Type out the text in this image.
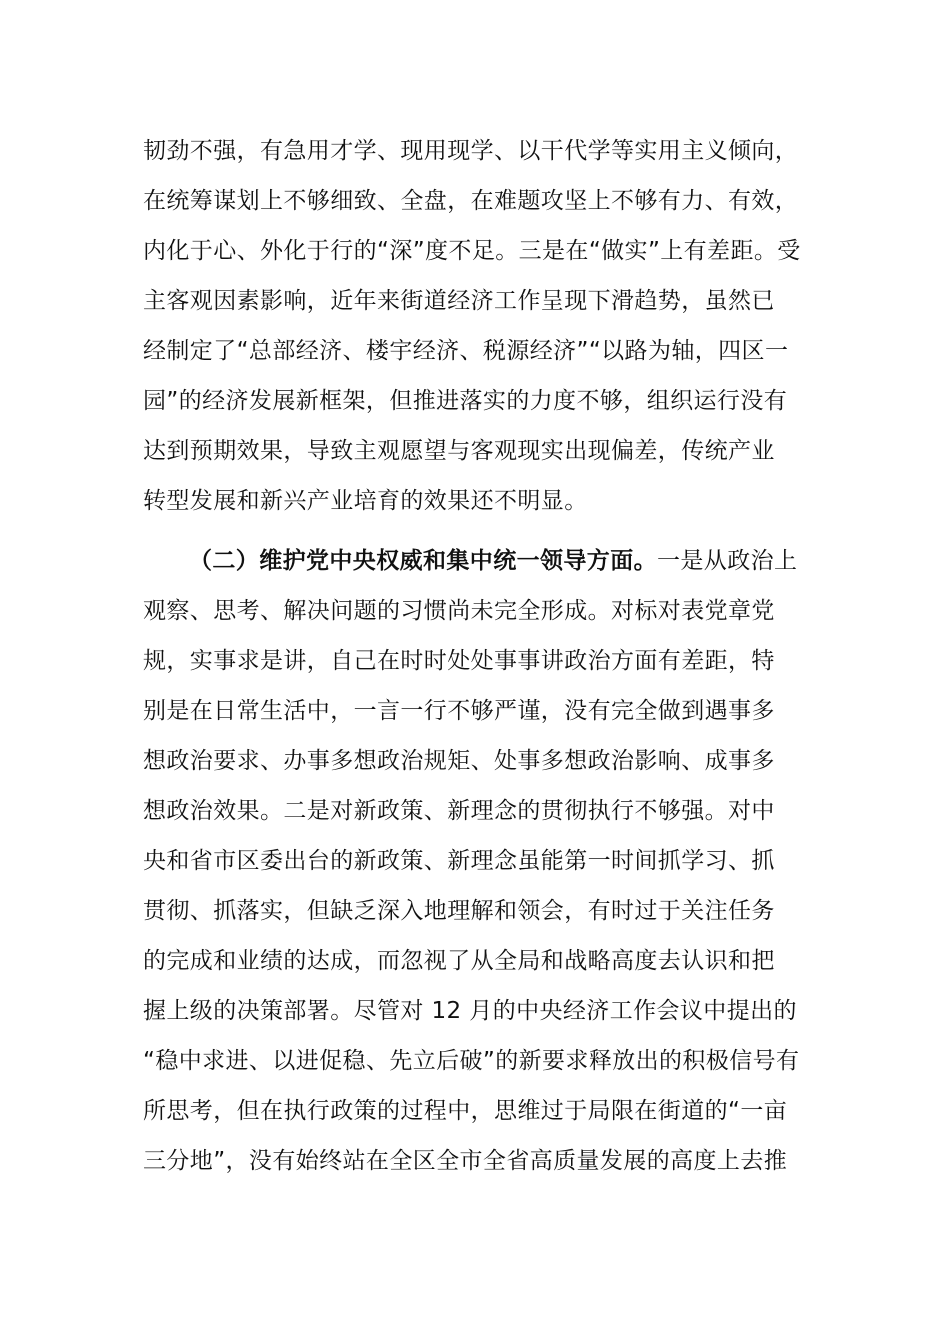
韧劲不强，有急用才学、现用现学、以干代学等实用主义倾向，
在统筹谋划上不够细致、全盘，在难题攻坚上不够有力、有效，
内化于心、外化于行的“深”度不足。三是在“做实”上有差距。受
主客观因素影响，近年来街道经济工作呈现下滑趋势，虽然已
经制定了“总部经济、楼宇经济、税源经济”“以路为轴，四区一
园”的经济发展新框架，但推进落实的力度不够，组织运行没有
达到预期效果，导致主观愿望与客观现实出现偏差，传统产业
转型发展和新兴产业培育的效果还不明显。
（二）维护党中央权威和集中统一领导方面。一是从政治上
观察、思考、解决问题的习惯尚未完全形成。对标对表党章党
规，实事求是讲，自己在时时处处事事讲政治方面有差距，特
别是在日常生活中，一言一行不够严谨，没有完全做到遇事多
想政治要求、办事多想政治规矩、处事多想政治影响、成事多
想政治效果。二是对新政策、新理念的贯彻执行不够强。对中
央和省市区委出台的新政策、新理念虽能第一时间抓学习、抓
贯彻、抓落实，但缺乏深入地理解和领会，有时过于关注任务
的完成和业绩的达成，而忽视了从全局和战略高度去认识和把
握上级的决策部署。尽管对 12 月的中央经济工作会议中提出的
“稳中求进、以进促稳、先立后破”的新要求释放出的积极信号有
所思考，但在执行政策的过程中，思维过于局限在街道的“一亩
三分地”，没有始终站在全区全市全省高质量发展的高度上去推
